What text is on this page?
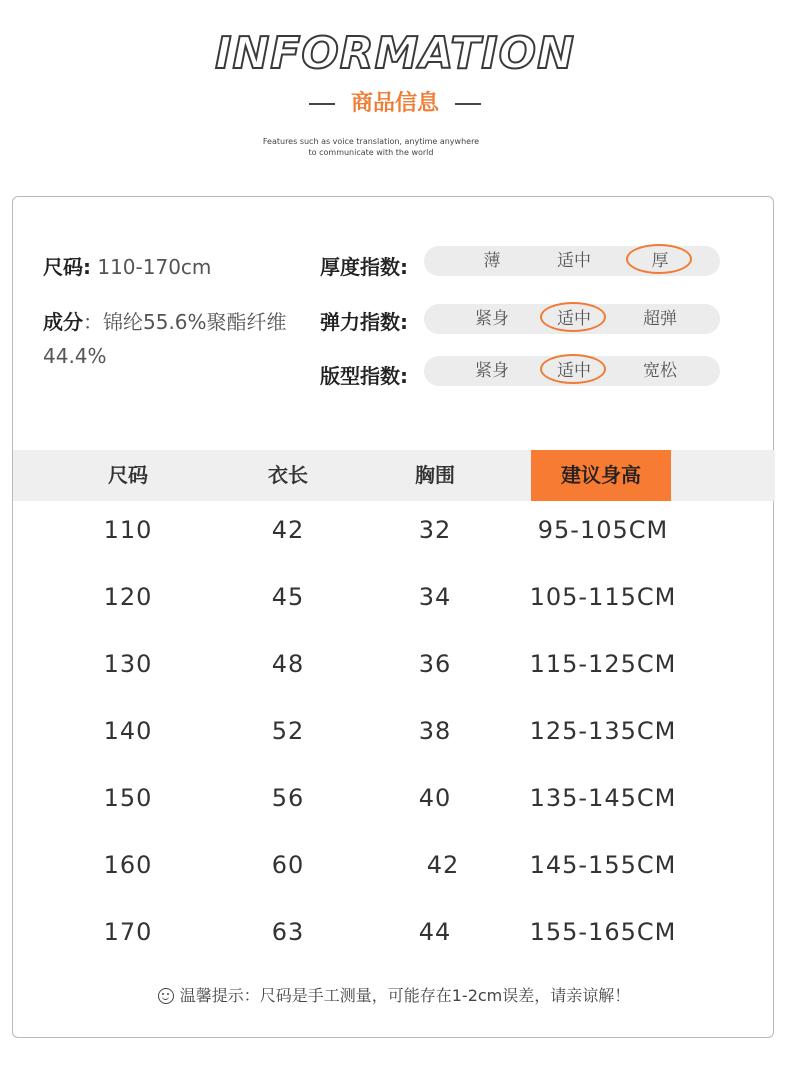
INFORMATION
商品信息
Features such as voice translation, anytime anywhere to communicate with the world
尺码: 110-170cm
成分：锦纶55.6%聚酯纤维44.4%
厚度指数:	薄	适中	厚
弹力指数:	紧身	适中	超弹
版型指数:	紧身	适中	宽松
尺码	衣长	胸围	建议身高
110	42	32	95-105CM
120	45	34	105-115CM
130	48	36	115-125CM
140	52	38	125-135CM
150	56	40	135-145CM
160	60	42	145-155CM
170	63	44	155-165CM
温馨提示：尺码是手工测量，可能存在1-2cm误差，请亲谅解！
